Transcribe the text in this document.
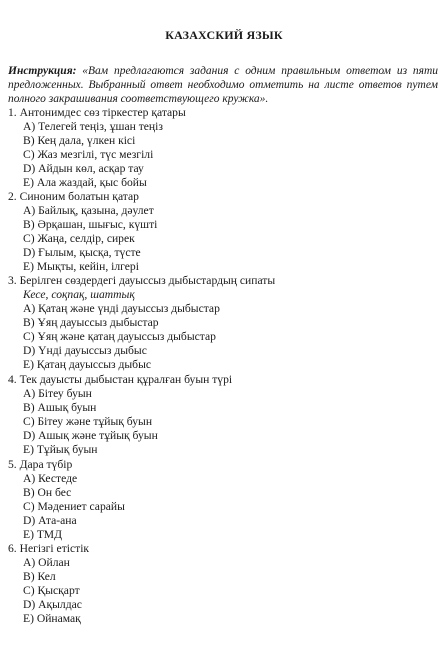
КАЗАХСКИЙ ЯЗЫК
Инструкция: «Вам предлагаются задания с одним правильным ответом из пяти предложенных. Выбранный ответ необходимо отметить на листе ответов путем полного закрашивания соответствующего кружка».
1. Антонимдес сөз тіркестер қатары
А) Телегей теңіз, ұшан теңіз
В) Кең дала, үлкен кісі
С) Жаз мезгілі, түс мезгілі
D) Айдын көл, асқар тау
Е) Ала жаздай, қыс бойы
2. Синоним болатын қатар
А) Байлық, қазына, дәулет
В) Әрқашан, шығыс, күшті
С) Жаңа, селдір, сирек
D) Ғылым, қысқа, түсте
Е) Мықты, кейін, ілгері
3. Берілген сөздердегі дауыссыз дыбыстардың сипаты
Кесе, соқпақ, шаттық
А) Қатаң және үнді дауыссыз дыбыстар
В) Ұяң дауыссыз дыбыстар
С) Ұяң және қатаң дауыссыз дыбыстар
D) Үнді дауыссыз дыбыс
Е) Қатаң дауыссыз дыбыс
4. Тек дауысты дыбыстан құралған буын түрі
А) Бітеу буын
В) Ашық буын
С) Бітеу және тұйық буын
D) Ашық және тұйық буын
Е) Тұйық буын
5. Дара түбір
А) Кестеде
В) Он бес
С) Мәдениет сарайы
D) Ата-ана
Е) ТМД
6. Негізгі етістік
А) Ойлан
В) Кел
С) Қысқарт
D) Ақылдас
Е) Ойнамақ
